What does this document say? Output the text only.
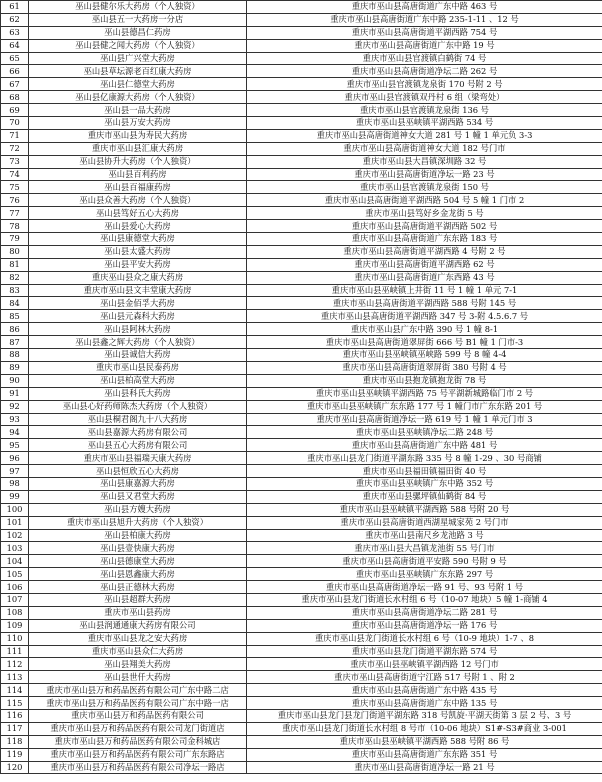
61	巫山县健尔乐大药房（个人独资）	重庆市巫山县高唐街道广东中路 463 号
62	巫山县五一大药房一分店	重庆市巫山县高唐街道广东中路 235-1-11 、12 号
63	巫山县德昌仁药房	重庆市巫山县高唐街道平湖西路 754 号
64	巫山县健之闻大药房（个人独资）	重庆市巫山县高唐街道广东中路 19 号
65	巫山县广兴堂大药房	重庆市巫山县官渡镇白鹤街 74 号
66	巫山县草坛源老百红康大药房	重庆市巫山县高唐街道净坛二路 262 号
67	巫山县仁德堂大药房	重庆市巫山县官渡镇龙泉街 170 号附 2 号
68	巫山县亿康源大药房（个人独资）	重庆市巫山县官渡镇双丹村 6 组（梁弯处）
69	巫山县一品大药房	重庆市巫山县官渡镇龙泉街 136 号
70	巫山县万安大药房	重庆市巫山县巫峡镇平湖西路 534 号
71	重庆市巫山县为寿民大药房	重庆市巫山县高唐街道神女大道 281 号 1 幢 1 单元负 3-3
72	重庆市巫山县汇康大药房	重庆市巫山县高唐街道神女大道 182 号门市
73	巫山县协升大药房（个人独资）	重庆市巫山县大昌镇深圳路 32 号
74	巫山县百利药房	重庆市巫山县高唐街道净坛一路 23 号
75	巫山县百福康药房	重庆市巫山县官渡镇龙泉街 150 号
76	巫山县众善大药房（个人独资）	重庆市巫山县高唐街道平湖西路 504 号 5 幢 1 门市 2
77	巫山县笃好五心大药房	重庆市巫山县笃好乡金龙街 5 号
78	巫山县爱心大药房	重庆市巫山县高唐街道平湖西路 502 号
79	巫山县康德堂大药房	重庆市巫山县高唐街道广东东路 183 号
80	巫山县太盛大药房	重庆市巫山县高唐街道平湖西路 4 号附 2 号
81	巫山县平安大药房	重庆市巫山县高唐街道平湖西路 62 号
82	重庆巫山县众之康大药房	重庆市巫山县高唐街道广东西路 43 号
83	重庆市巫山县文丰堂康大药房	重庆市巫山县巫峡镇上井街 11 号 1 幢 1 单元 7-1
84	巫山县金佰孚大药房	重庆市巫山县高唐街道平湖西路 588 号附 145 号
85	巫山县元森科大药房	重庆市巫山县高唐街道平湖西路 347 号 3-附 4.5.6.7 号
86	巫山县阿林大药房	重庆市巫山县广东中路 390 号 1 幢 8-1
87	巫山县鑫之辉大药房（个人独资）	重庆市巫山县高唐街道翠屏街 666 号 B1 幢 1 门市-3
88	巫山县诚信大药房	重庆市巫山县巫峡镇巫峡路 599 号 8 幢 4-4
89	重庆市巫山县民泰药房	重庆市巫山县高唐街道翠屏街 380 号附 4 号
90	巫山县柏高堂大药房	重庆市巫山县抱龙镇抱龙街 78 号
91	巫山县科氏大药房	重庆市巫山县巫峡镇平湖西路 75 号平湖新城路临门市 2 号
92	巫山县心好药师陈杰大药房（个人独资）	重庆市巫山县巫峡镇广东东路 177 号 1 幢门市广东东路 201 号
93	巫山县桐君阁九十八大药房	重庆市巫山县高唐街道净坛一路 619 号 1 幢 1 单元门市 3
94	巫山县嘉源大药房有限公司	重庆市巫山县巫峡镇净坛二路 248 号
95	巫山县五心大药房有限公司	重庆市巫山县高唐街道广东中路 481 号
96	重庆市巫山县福瑞天康大药房	重庆市巫山县龙门街道平湖东路 335 号 8 幢 1-29 、30 号商铺
97	巫山县恒欣五心大药房	重庆市巫山县福田镇福田街 40 号
98	巫山县康嘉源大药房	重庆市巫山县巫峡镇广东中路 352 号
99	巫山县又君堂大药房	重庆市巫山县骡坪镇仙鹤街 84 号
100	巫山县方嫂大药房	重庆市巫山县巫峡镇平湖西路 588 号附 20 号
101	重庆市巫山县旭升大药房（个人独资）	重庆市巫山县高唐街道西湖星城家苑 2 号门市
102	巫山县柏康大药房	重庆市巫山县南尺乡龙池路 3 号
103	巫山县壹快康大药房	重庆市巫山县大昌镇龙池街 55 号门市
104	巫山县德康堂大药房	重庆市巫山县高唐街道平安路 590 号附 9 号
105	巫山县恩鑫康大药房	重庆市巫山县巫峡镇广东东路 297 号
106	巫山县正德林大药房	重庆市巫山县高唐街道净坛一路 91 号、93 号附 1 号
107	巫山县超群大药房	重庆市巫山县龙门街道长水村组 6 号（10-07 地块）5 幢 1-商铺 4
108	重庆市巫山县药房	重庆市巫山县高唐街道净坛二路 281 号
109	巫山县润通通康大药房有限公司	重庆市巫山县高唐街道净坛一路 176 号
110	重庆市巫山县龙之安大药房	重庆市巫山县龙门街道长水村组 6 号（10-9 地块）1-7 、8
111	重庆市巫山县众仁大药房	重庆市巫山县龙门街道平湖东路 574 号
112	巫山县翔美大药房	重庆市巫山县巫峡镇平湖西路 12 号门市
113	巫山县世仟大药房	重庆市巫山县高唐街道宁江路 517 号附 1 、附 2
114	重庆市巫山县万和药品医药有限公司广东中路二店	重庆市巫山县高唐街道广东中路 435 号
115	重庆市巫山县万和药品医药有限公司广东中路一店	重庆市巫山县高唐街道广东中路 135 号
116	重庆市巫山县万和药品医药有限公司	重庆市巫山县龙门县龙门街道平湖东路 318 号凯旋·平湖天街第 3 层 2 号、3 号
117	重庆市巫山县万和药品医药有限公司龙门街道店	重庆市巫山县龙门街道长水村组 8 号市（10-06 地块）S1#-S3#商业 3-001
118	重庆市巫山县万和药品医药有限公司金科城店	重庆市巫山县巫峡镇平湖西路 588 号附 86 号
119	重庆市巫山县万和药品医药有限公司广东东路店	重庆市巫山县高唐街道广东东路 351 号
120	重庆市巫山县万和药品医药有限公司净坛一路店	重庆市巫山县高唐街道净坛一路 21 号
